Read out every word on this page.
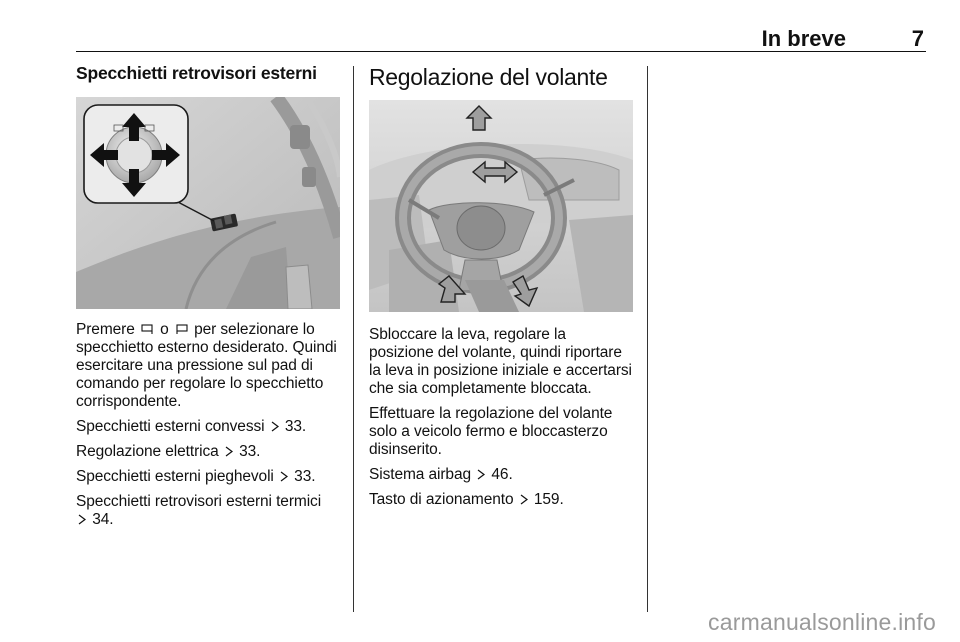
In breve	7
Specchietti retrovisori esterni

Premere  o  per selezionare lo specchietto esterno desiderato. Quindi esercitare una pressione sul pad di comando per regolare lo specchietto corrispondente.

Specchietti esterni convessi  33.

Regolazione elettrica  33.

Specchietti esterni pieghevoli  33.

Specchietti retrovisori esterni termici
34.

Regolazione del volante

Sbloccare la leva, regolare la posizione del volante, quindi riportare la leva in posizione iniziale e accertarsi che sia completamente bloccata.

Effettuare la regolazione del volante solo a veicolo fermo e bloccasterzo disinserito.

Sistema airbag  46.

Tasto di azionamento  159.

carmanualsonline.info
